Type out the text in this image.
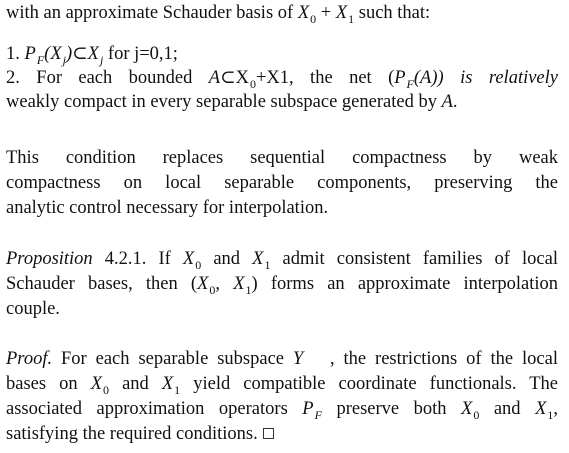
with an approximate Schauder basis of $X_0 + X_1$ such that:
1. $P_F(X_j)\subset X_j$ for j=0,1;
2. For each bounded $A\subset X_0+X1$, the net $(P_F(A))$ is relatively
weakly compact in every separable subspace generated by A.
This condition replaces sequential compactness by weak
compactness on local separable components, preserving the
analytic control necessary for interpolation.
Proposition 4.2.1. If $X_0$ and $X_1$ admit consistent families of local
Schauder bases, then ($X_0$, $X_1$) forms an approximate interpolation
couple.
Proof. For each separable subspace Y   , the restrictions of the local
bases on $X_0$ and $X_1$ yield compatible coordinate functionals. The
associated approximation operators $P_F$ preserve both $X_0$ and $X_1$,
satisfying the required conditions.
